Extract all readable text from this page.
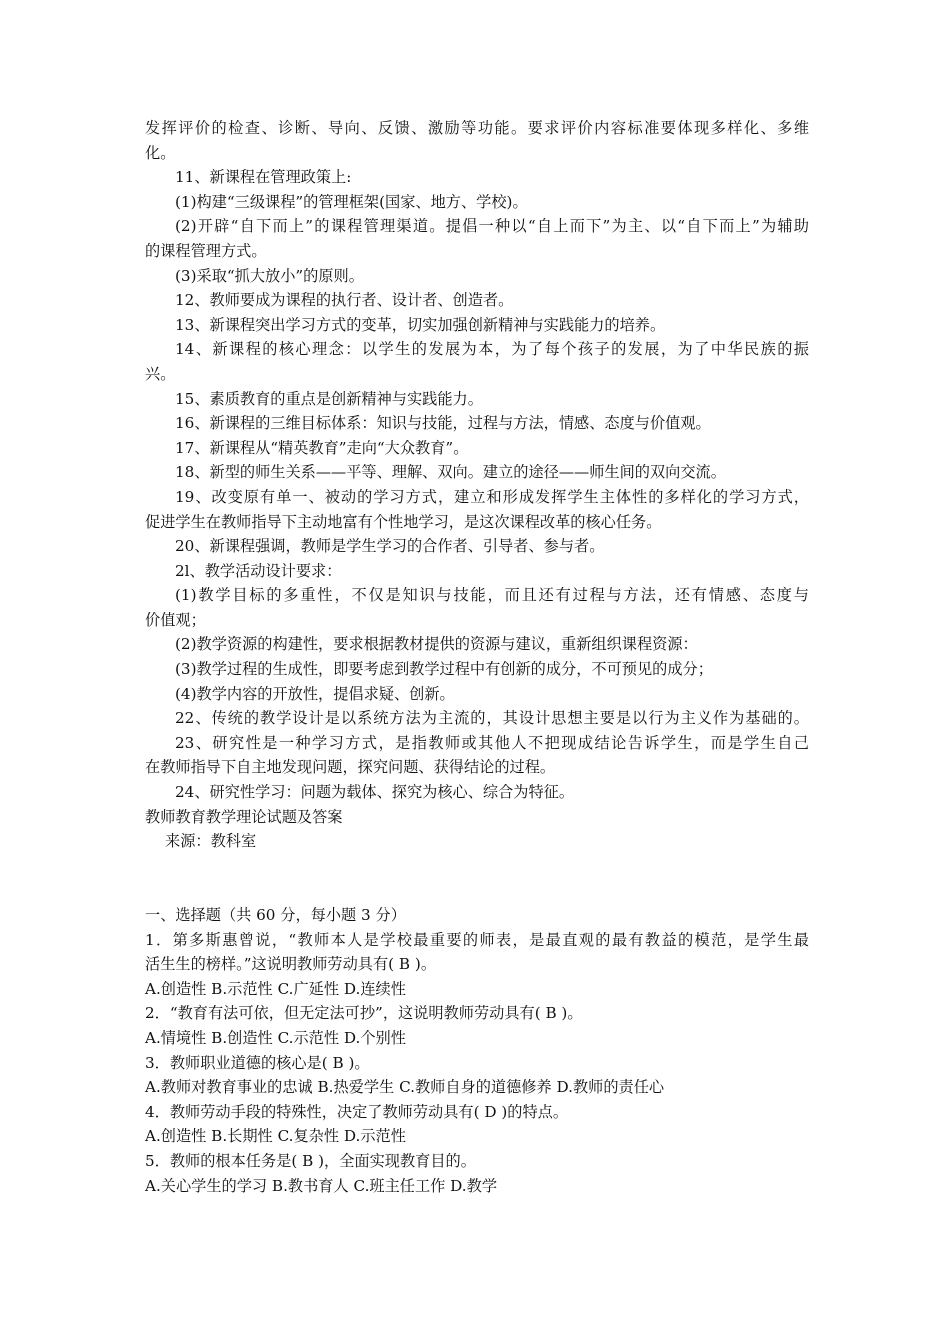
发挥评价的检查、诊断、导向、反馈、激励等功能。要求评价内容标准要体现多样化、多维
化。
11、新课程在管理政策上:
(1)构建“三级课程”的管理框架(国家、地方、学校)。
(2)开辟“自下而上”的课程管理渠道。提倡一种以“自上而下”为主、以“自下而上”为辅助
的课程管理方式。
(3)采取“抓大放小”的原则。
12、教师要成为课程的执行者、设计者、创造者。
13、新课程突出学习方式的变革，切实加强创新精神与实践能力的培养。
14、新课程的核心理念：以学生的发展为本，为了每个孩子的发展，为了中华民族的振
兴。
15、素质教育的重点是创新精神与实践能力。
16、新课程的三维目标体系：知识与技能，过程与方法，情感、态度与价值观。
17、新课程从“精英教育”走向“大众教育”。
18、新型的师生关系——平等、理解、双向。建立的途径——师生间的双向交流。
19、改变原有单一、被动的学习方式，建立和形成发挥学生主体性的多样化的学习方式，
促进学生在教师指导下主动地富有个性地学习，是这次课程改革的核心任务。
20、新课程强调，教师是学生学习的合作者、引导者、参与者。
2l、教学活动设计要求：
(1)教学目标的多重性，不仅是知识与技能，而且还有过程与方法，还有情感、态度与
价值观；
(2)教学资源的构建性，要求根据教材提供的资源与建议，重新组织课程资源：
(3)教学过程的生成性，即要考虑到教学过程中有创新的成分，不可预见的成分；
(4)教学内容的开放性，提倡求疑、创新。
22、传统的教学设计是以系统方法为主流的，其设计思想主要是以行为主义作为基础的。
23、研究性是一种学习方式，是指教师或其他人不把现成结论告诉学生，而是学生自己
在教师指导下自主地发现问题，探究问题、获得结论的过程。
24、研究性学习：问题为载体、探究为核心、综合为特征。
教师教育教学理论试题及答案
来源：教科室
一、选择题（共 60 分，每小题 3 分）
1．第多斯惠曾说，“教师本人是学校最重要的师表，是最直观的最有教益的模范，是学生最
活生生的榜样。”这说明教师劳动具有( B )。
A.创造性 B.示范性 C.广延性 D.连续性
2．“教育有法可依，但无定法可抄”，这说明教师劳动具有( B )。
A.情境性 B.创造性 C.示范性 D.个别性
3．教师职业道德的核心是( B )。
A.教师对教育事业的忠诚 B.热爱学生 C.教师自身的道德修养 D.教师的责任心
4．教师劳动手段的特殊性，决定了教师劳动具有( D )的特点。
A.创造性 B.长期性 C.复杂性 D.示范性
5．教师的根本任务是( B )，全面实现教育目的。
A.关心学生的学习 B.教书育人 C.班主任工作 D.教学
